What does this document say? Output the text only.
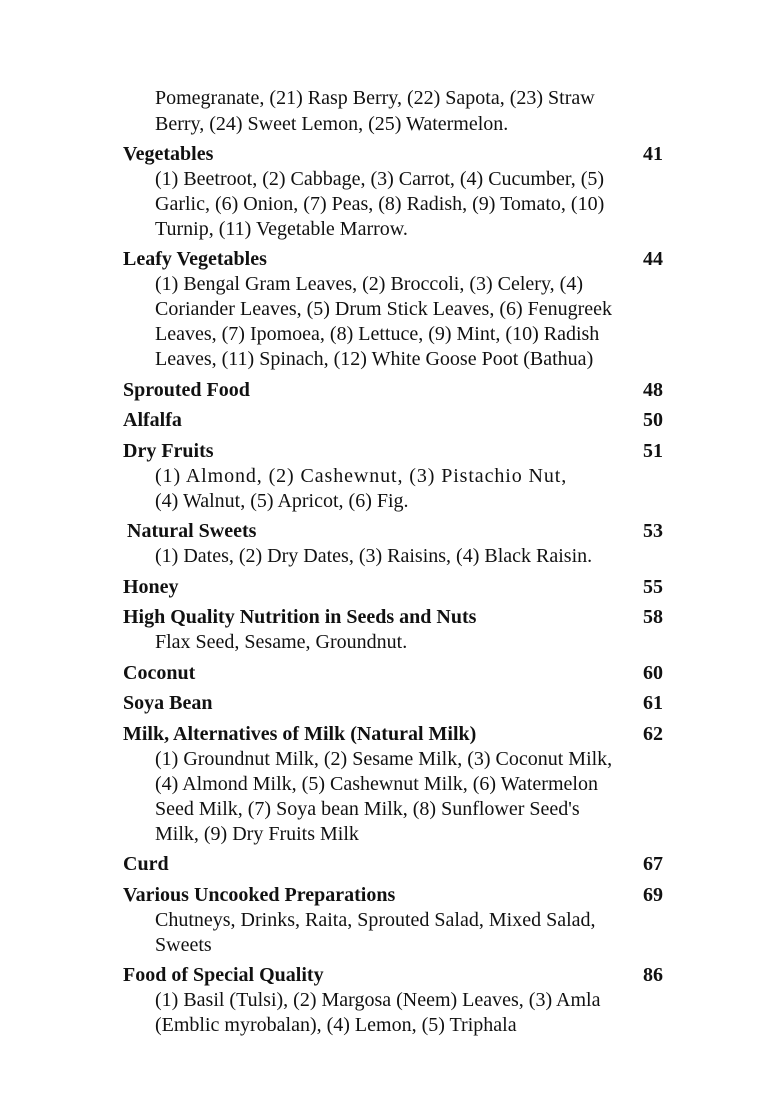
Pomegranate, (21) Rasp Berry, (22) Sapota, (23) Straw
Berry, (24) Sweet Lemon, (25) Watermelon.
Vegetables	41
(1) Beetroot, (2) Cabbage, (3) Carrot, (4) Cucumber, (5)
Garlic, (6) Onion, (7) Peas, (8) Radish, (9) Tomato, (10)
Turnip, (11) Vegetable Marrow.
Leafy Vegetables	44
(1) Bengal Gram Leaves, (2) Broccoli, (3) Celery, (4)
Coriander Leaves, (5) Drum Stick Leaves, (6) Fenugreek
Leaves, (7) Ipomoea, (8) Lettuce, (9) Mint, (10) Radish
Leaves, (11) Spinach, (12) White Goose Poot (Bathua)
Sprouted Food	48
Alfalfa	50
Dry Fruits	51
(1) Almond, (2) Cashewnut, (3) Pistachio Nut,
(4) Walnut, (5) Apricot, (6) Fig.
Natural Sweets	53
(1) Dates, (2) Dry Dates, (3) Raisins, (4) Black Raisin.
Honey	55
High Quality Nutrition in Seeds and Nuts	58
Flax Seed, Sesame, Groundnut.
Coconut	60
Soya Bean	61
Milk, Alternatives of Milk (Natural Milk)	62
(1) Groundnut Milk, (2) Sesame Milk, (3) Coconut Milk,
(4) Almond Milk, (5) Cashewnut Milk, (6) Watermelon
Seed Milk, (7) Soya bean Milk, (8) Sunflower Seed's
Milk, (9) Dry Fruits Milk
Curd	67
Various Uncooked Preparations	69
Chutneys, Drinks, Raita, Sprouted Salad, Mixed Salad,
Sweets
Food of Special Quality	86
(1) Basil (Tulsi), (2) Margosa (Neem) Leaves, (3) Amla
(Emblic myrobalan), (4) Lemon, (5) Triphala
